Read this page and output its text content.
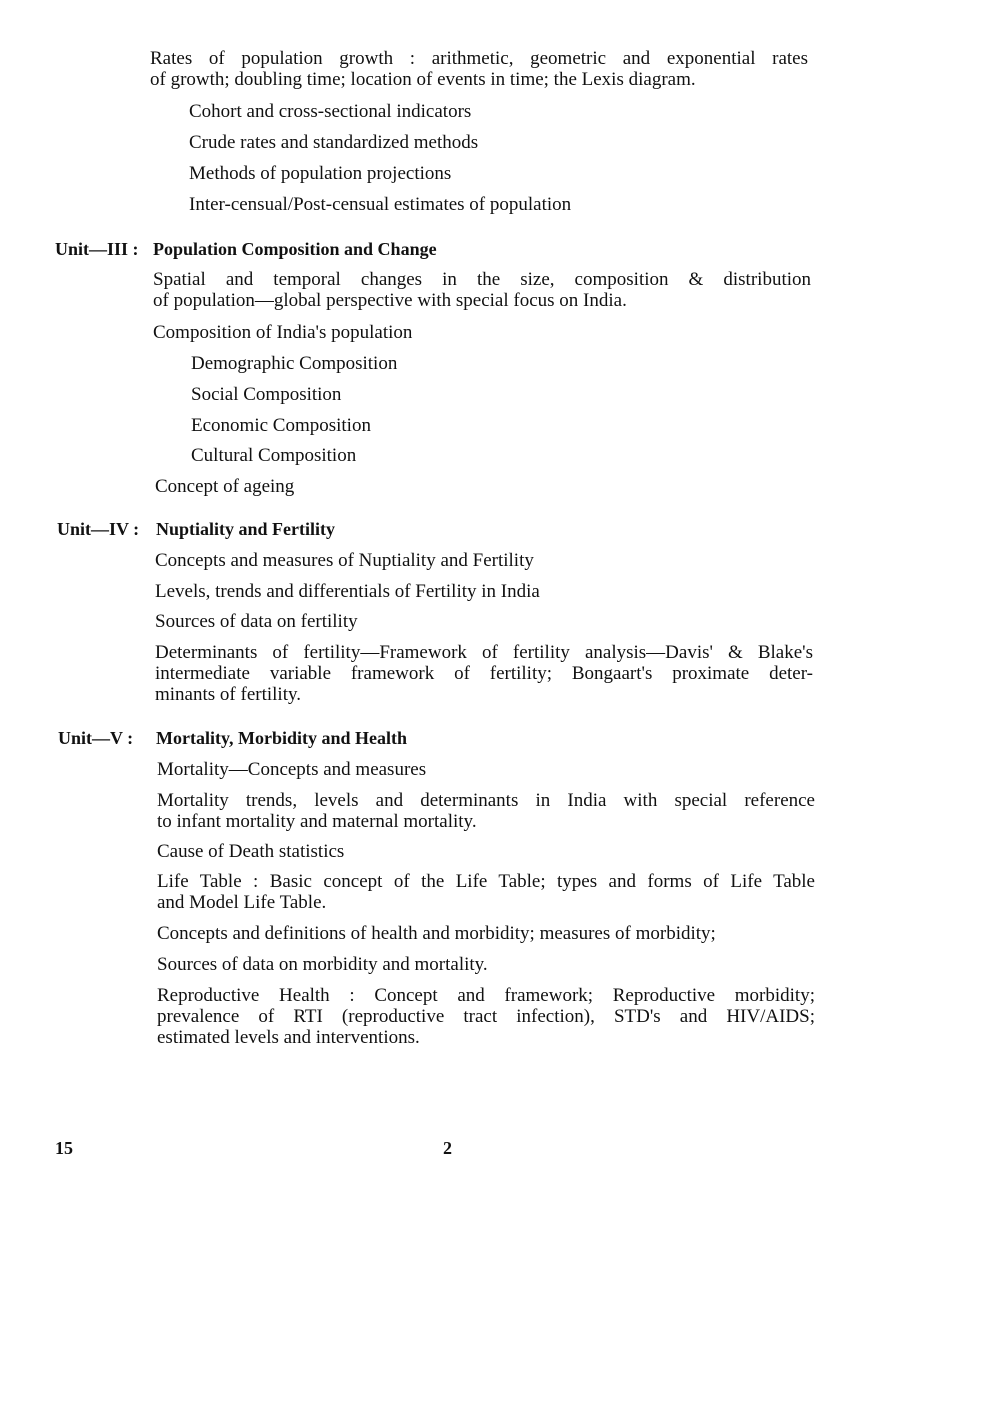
Rates of population growth : arithmetic, geometric and exponential rates
of growth; doubling time; location of events in time; the Lexis diagram.
Cohort and cross-sectional indicators
Crude rates and standardized methods
Methods of population projections
Inter-censual/Post-censual estimates of population
Unit—III : Population Composition and Change
Spatial and temporal changes in the size, composition & distribution
of population—global perspective with special focus on India.
Composition of India's population
Demographic Composition
Social Composition
Economic Composition
Cultural Composition
Concept of ageing
Unit—IV : Nuptiality and Fertility
Concepts and measures of Nuptiality and Fertility
Levels, trends and differentials of Fertility in India
Sources of data on fertility
Determinants of fertility—Framework of fertility analysis—Davis' & Blake's
intermediate variable framework of fertility; Bongaart's proximate deter-
minants of fertility.
Unit—V : Mortality, Morbidity and Health
Mortality—Concepts and measures
Mortality trends, levels and determinants in India with special reference
to infant mortality and maternal mortality.
Cause of Death statistics
Life Table : Basic concept of the Life Table; types and forms of Life Table
and Model Life Table.
Concepts and definitions of health and morbidity; measures of morbidity;
Sources of data on morbidity and mortality.
Reproductive Health : Concept and framework; Reproductive morbidity;
prevalence of RTI (reproductive tract infection), STD's and HIV/AIDS;
estimated levels and interventions.
15	2
